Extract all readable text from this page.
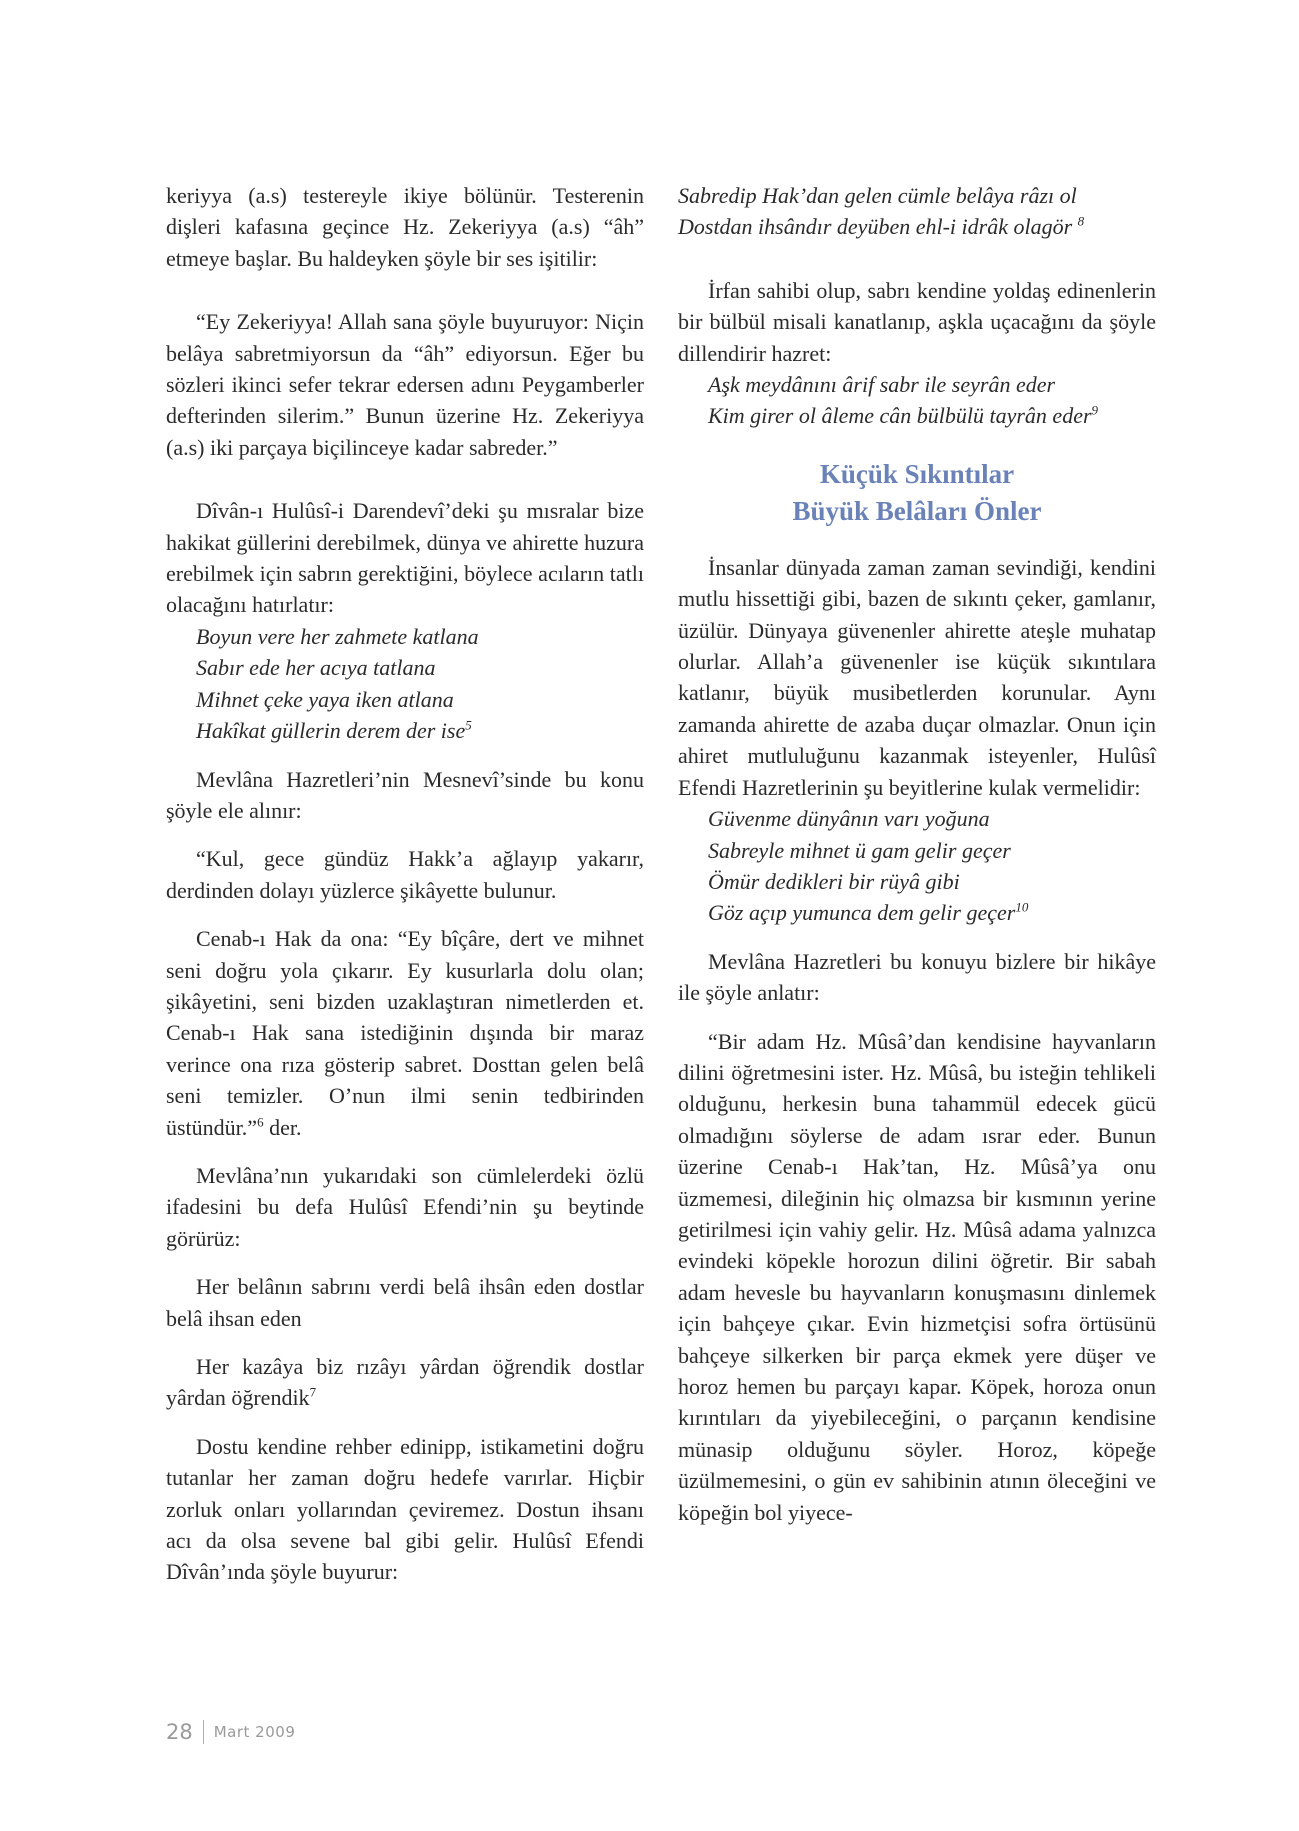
keriyya (a.s) testereyle ikiye bölünür. Testerenin dişleri kafasına geçince Hz. Zekeriyya (a.s) “âh” etmeye başlar. Bu haldeyken şöyle bir ses işitilir:

“Ey Zekeriyya! Allah sana şöyle buyuruyor: Niçin belâya sabretmiyorsun da “âh” ediyorsun. Eğer bu sözleri ikinci sefer tekrar edersen adını Peygamberler defterinden silerim.” Bunun üzerine Hz. Zekeriyya (a.s) iki parçaya biçilinceye kadar sabreder.”

Dîvân-ı Hulûsî-i Darendevî’deki şu mısralar bize hakikat güllerini derebilmek, dünya ve ahirette huzura erebilmek için sabrın gerektiğini, böylece acıların tatlı olacağını hatırlatır:

Boyun vere her zahmete katlana
Sabır ede her acıya tatlana
Mihnet çeke yaya iken atlana
Hakîkat güllerin derem der ise$^5$

Mevlâna Hazretleri’nin Mesnevî’sinde bu konu şöyle ele alınır:

“Kul, gece gündüz Hakk’a ağlayıp yakarır, derdinden dolayı yüzlerce şikâyette bulunur.

Cenab-ı Hak da ona: “Ey bîçâre, dert ve mihnet seni doğru yola çıkarır. Ey kusurlarla dolu olan; şikâyetini, seni bizden uzaklaştıran nimetlerden et. Cenab-ı Hak sana istediğinin dışında bir maraz verince ona rıza gösterip sabret. Dosttan gelen belâ seni temizler. O’nun ilmi senin tedbirinden üstündür.”$^6$ der.

Mevlâna’nın yukarıdaki son cümlelerdeki özlü ifadesini bu defa Hulûsî Efendi’nin şu beytinde görürüz:

Her belânın sabrını verdi belâ ihsân eden dostlar belâ ihsan eden

Her kazâya biz rızâyı yârdan öğrendik dostlar yârdan öğrendik$^7$

Dostu kendine rehber edinipp, istikametini doğru tutanlar her zaman doğru hedefe varırlar. Hiçbir zorluk onları yollarından çeviremez. Dostun ihsanı acı da olsa sevene bal gibi gelir. Hulûsî Efendi Dîvân’ında şöyle buyurur:

Sabredip Hak’dan gelen cümle belâya râzı ol
Dostdan ihsândır deyüben ehl-i idrâk olagör $^8$

İrfan sahibi olup, sabrı kendine yoldaş edinenlerin bir bülbül misali kanatlanıp, aşkla uçacağını da şöyle dillendirir hazret:

Aşk meydânını ârif sabr ile seyrân eder
Kim girer ol âleme cân bülbülü tayrân eder$^9$
Küçük Sıkıntılar
Büyük Belâları Önler

İnsanlar dünyada zaman zaman sevindiği, kendini mutlu hissettiği gibi, bazen de sıkıntı çeker, gamlanır, üzülür. Dünyaya güvenenler ahirette ateşle muhatap olurlar. Allah’a güvenenler ise küçük sıkıntılara katlanır, büyük musibetlerden korunular. Aynı zamanda ahirette de azaba duçar olmazlar. Onun için ahiret mutluluğunu kazanmak isteyenler, Hulûsî Efendi Hazretlerinin şu beyitlerine kulak vermelidir:

Güvenme dünyânın varı yoğuna
Sabreyle mihnet ü gam gelir geçer
Ömür dedikleri bir rüyâ gibi
Göz açıp yumunca dem gelir geçer$^{10}$

Mevlâna Hazretleri bu konuyu bizlere bir hikâye ile şöyle anlatır:

“Bir adam Hz. Mûsâ’dan kendisine hayvanların dilini öğretmesini ister. Hz. Mûsâ, bu isteğin tehlikeli olduğunu, herkesin buna tahammül edecek gücü olmadığını söylerse de adam ısrar eder. Bunun üzerine Cenab-ı Hak’tan, Hz. Mûsâ’ya onu üzmemesi, dileğinin hiç olmazsa bir kısmının yerine getirilmesi için vahiy gelir. Hz. Mûsâ adama yalnızca evindeki köpekle horozun dilini öğretir. Bir sabah adam hevesle bu hayvanların konuşmasını dinlemek için bahçeye çıkar. Evin hizmetçisi sofra örtüsünü bahçeye silkerken bir parça ekmek yere düşer ve horoz hemen bu parçayı kapar. Köpek, horoza onun kırıntıları da yiyebileceğini, o parçanın kendisine münasip olduğunu söyler. Horoz, köpeğe üzülmemesini, o gün ev sahibinin atının öleceğini ve köpeğin bol yiyece-

28 Mart 2009
